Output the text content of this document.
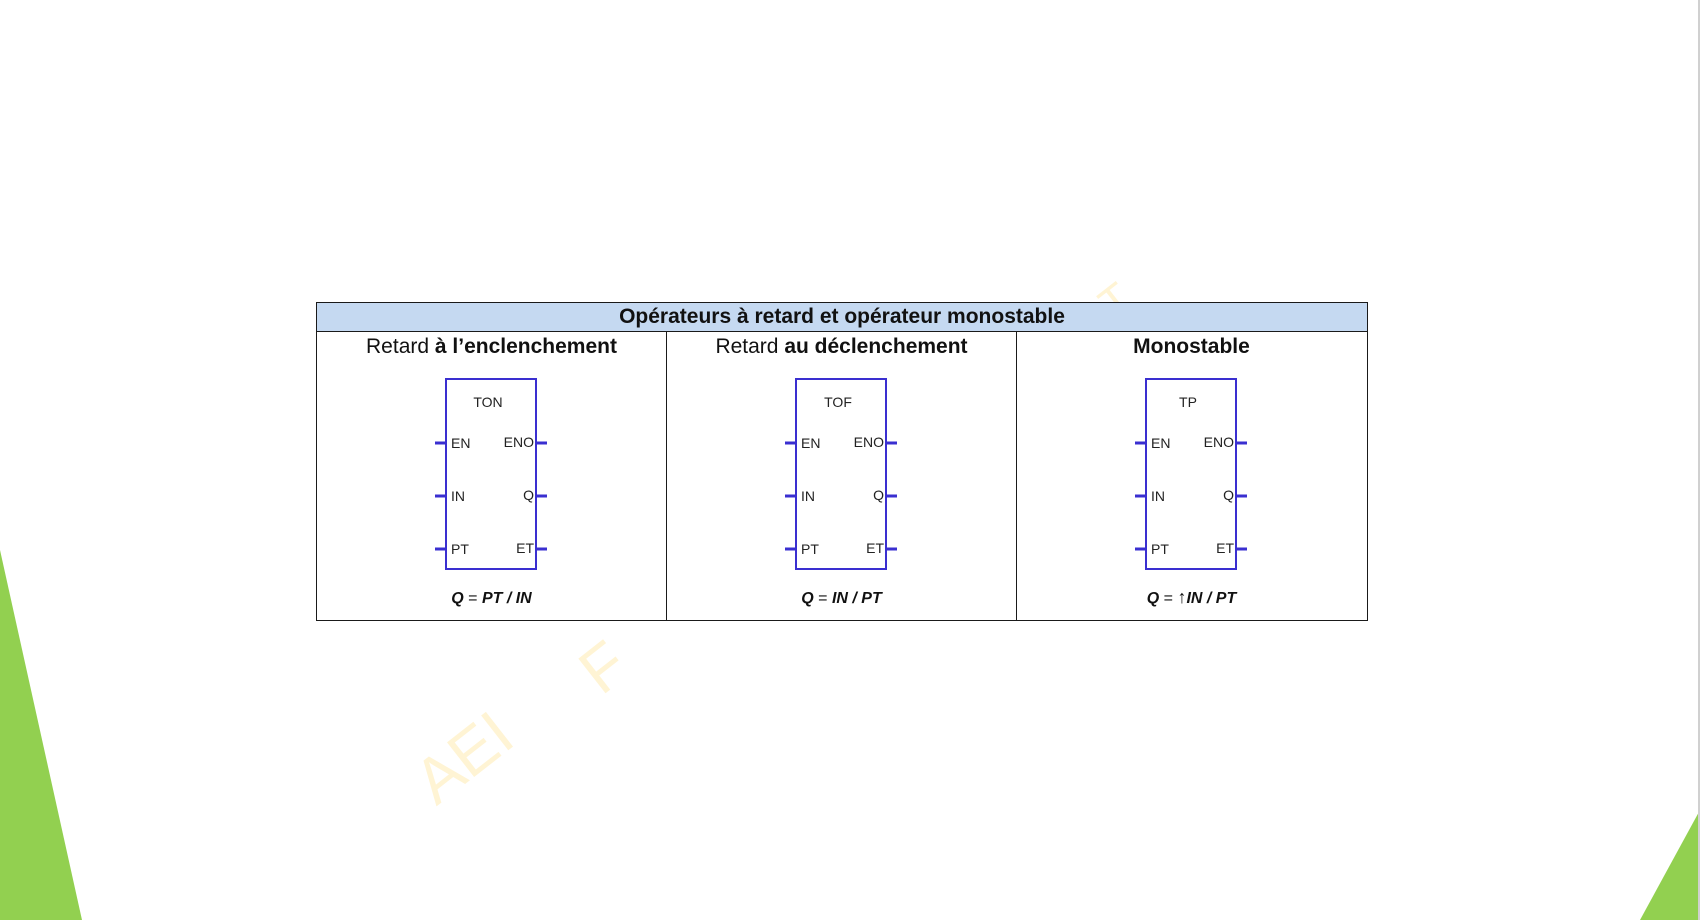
AEI
F
Opérateurs à retard et opérateur monostable
TON
EN
IN
PT
ENO
Q
ET
Retard à l’enclenchement
Q = PT / IN
TOF
EN
IN
PT
ENO
Q
ET
Retard au déclenchement
Q = IN / PT
TP
EN
IN
PT
ENO
Q
ET
Monostable
Q = ↑IN / PT
